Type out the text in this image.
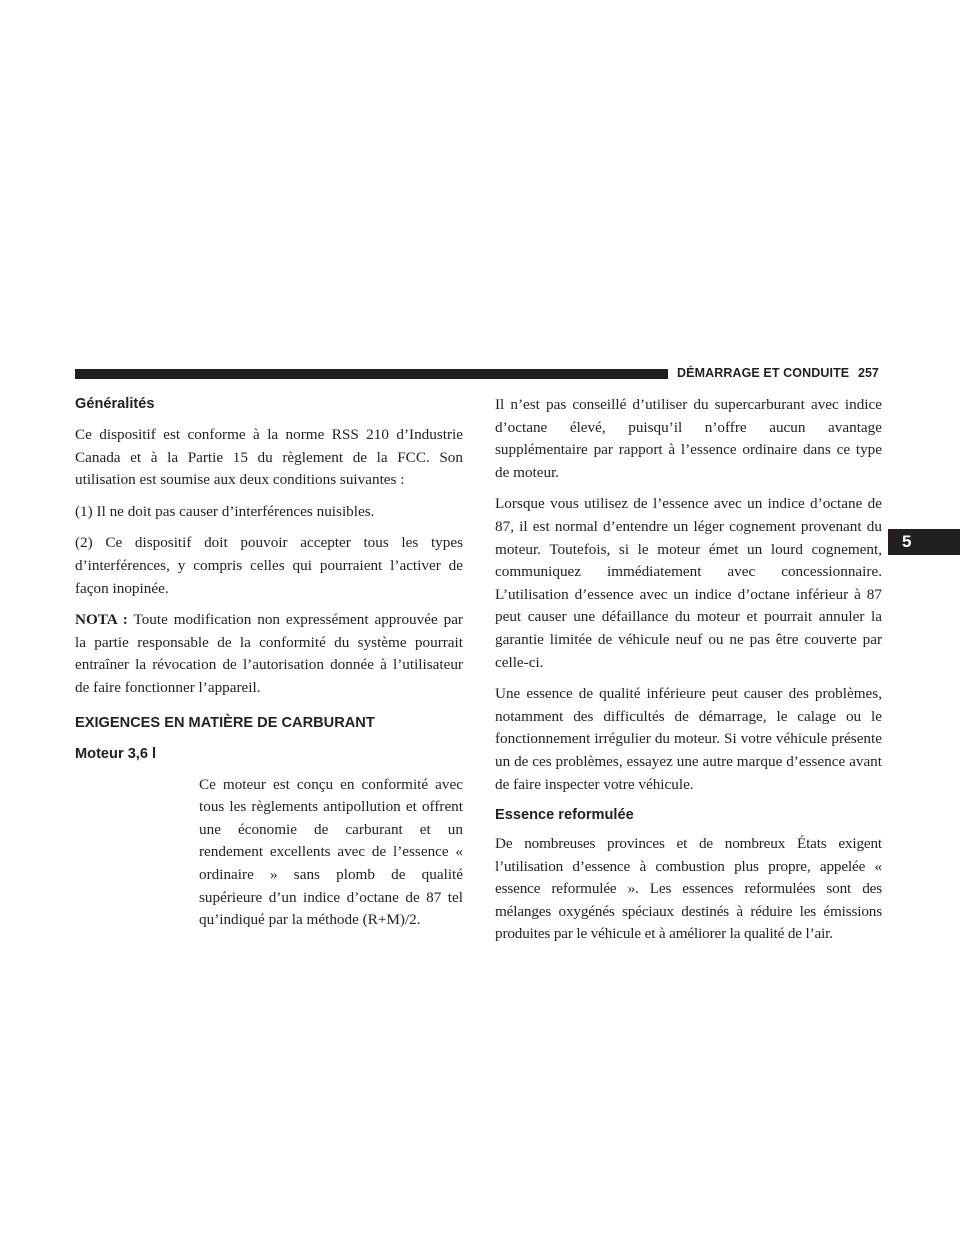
DÉMARRAGE ET CONDUITE 257
5
Généralités

Ce dispositif est conforme à la norme RSS 210 d’Industrie Canada et à la Partie 15 du règlement de la FCC. Son utilisation est soumise aux deux conditions suivantes :

(1) Il ne doit pas causer d’interférences nuisibles.

(2) Ce dispositif doit pouvoir accepter tous les types d’interférences, y compris celles qui pourraient l’activer de façon inopinée.

NOTA : Toute modification non expressément approuvée par la partie responsable de la conformité du système pourrait entraîner la révocation de l’autorisation donnée à l’utilisateur de faire fonctionner l’appareil.

EXIGENCES EN MATIÈRE DE CARBURANT
Moteur 3,6 l

Ce moteur est conçu en conformité avec tous les règlements antipollution et offrent une économie de carburant et un rendement excellents avec de l’essence « ordinaire » sans plomb de qualité supérieure d’un indice d’octane de 87 tel qu’indiqué par la méthode (R+M)/2.

Il n’est pas conseillé d’utiliser du supercarburant avec indice d’octane élevé, puisqu’il n’offre aucun avantage supplémentaire par rapport à l’essence ordinaire dans ce type de moteur.

Lorsque vous utilisez de l’essence avec un indice d’octane de 87, il est normal d’entendre un léger cognement provenant du moteur. Toutefois, si le moteur émet un lourd cognement, communiquez immédiatement avec concessionnaire. L’utilisation d’essence avec un indice d’octane inférieur à 87 peut causer une défaillance du moteur et pourrait annuler la garantie limitée de véhicule neuf ou ne pas être couverte par celle-ci.

Une essence de qualité inférieure peut causer des problèmes, notamment des difficultés de démarrage, le calage ou le fonctionnement irrégulier du moteur. Si votre véhicule présente un de ces problèmes, essayez une autre marque d’essence avant de faire inspecter votre véhicule.

Essence reformulée

De nombreuses provinces et de nombreux États exigent l’utilisation d’essence à combustion plus propre, appelée « essence reformulée ». Les essences reformulées sont des mélanges oxygénés spéciaux destinés à réduire les émissions produites par le véhicule et à améliorer la qualité de l’air.
